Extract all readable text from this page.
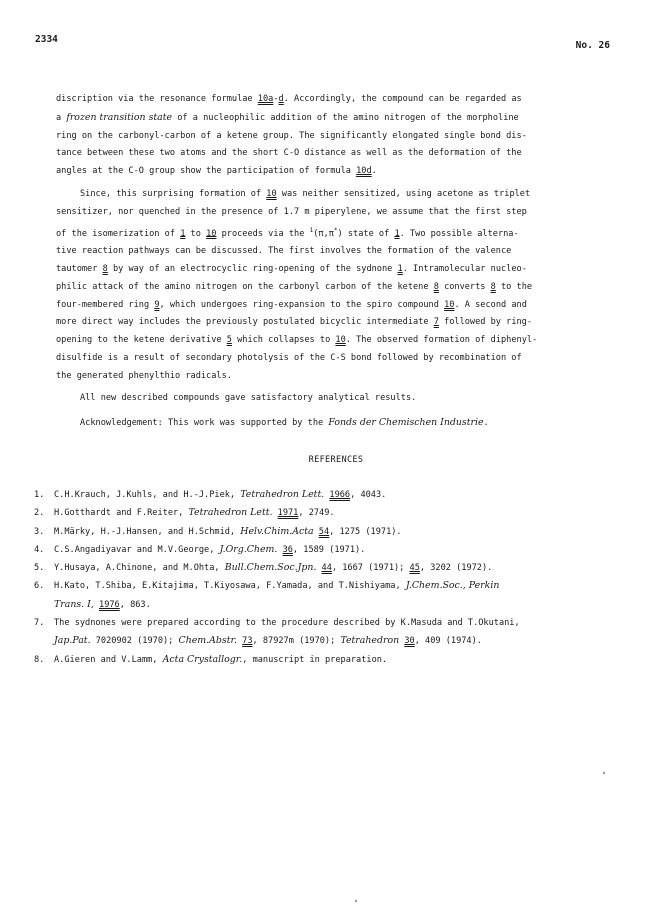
2334
No. 26
discription via the resonance formulae 10a-d. Accordingly, the compound can be regarded as
a frozen transition state of a nucleophilic addition of the amino nitrogen of the morpholine
ring on the carbonyl-carbon of a ketene group. The significantly elongated single bond dis-
tance between these two atoms and the short C-O distance as well as the deformation of the
angles at the C-O group show the participation of formula 10d.
Since, this surprising formation of 10 was neither sensitized, using acetone as triplet
sensitizer, nor quenched in the presence of 1.7 m piperylene, we assume that the first step
of the isomerization of 1 to 10 proceeds via the $^1$(π,π*) state of 1. Two possible alterna-
tive reaction pathways can be discussed. The first involves the formation of the valence
tautomer 8 by way of an electrocyclic ring-opening of the sydnone 1. Intramolecular nucleo-
philic attack of the amino nitrogen on the carbonyl carbon of the ketene 8 converts 8 to the
four-membered ring 9, which undergoes ring-expansion to the spiro compound 10. A second and
more direct way includes the previously postulated bicyclic intermediate 7 followed by ring-
opening to the ketene derivative 5 which collapses to 10. The observed formation of diphenyl-
disulfide is a result of secondary photolysis of the C-S bond followed by recombination of
the generated phenylthio radicals.
All new described compounds gave satisfactory analytical results.
Acknowledgement: This work was supported by the Fonds der Chemischen Industrie.
REFERENCES
1.	C.H.Krauch, J.Kuhls, and H.-J.Piek, Tetrahedron Lett. 1966, 4043.
2.	H.Gotthardt and F.Reiter, Tetrahedron Lett. 1971, 2749.
3.	M.Märky, H.-J.Hansen, and H.Schmid, Helv.Chim.Acta 54, 1275 (1971).
4.	C.S.Angadiyavar and M.V.George, J.Org.Chem. 36, 1589 (1971).
5.	Y.Husaya, A.Chinone, and M.Ohta, Bull.Chem.Soc.Jpn. 44, 1667 (1971); 45, 3202 (1972).
6.	H.Kato, T.Shiba, E.Kitajima, T.Kiyosawa, F.Yamada, and T.Nishiyama, J.Chem.Soc., Perkin
Trans. I, 1976, 863.
7.	The sydnones were prepared according to the procedure described by K.Masuda and T.Okutani,
Jap.Pat. 7020902 (1970); Chem.Abstr. 73, 87927m (1970); Tetrahedron 30, 409 (1974).
8.	A.Gieren and V.Lamm, Acta Crystallogr., manuscript in preparation.
